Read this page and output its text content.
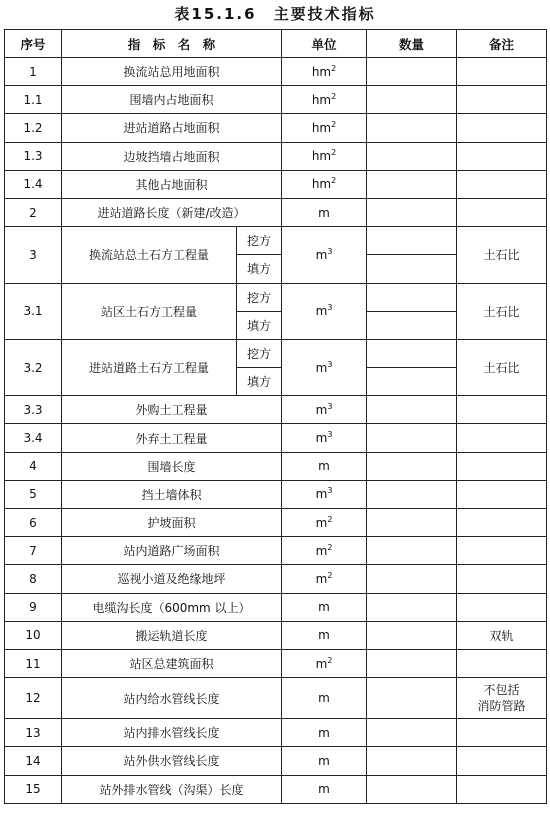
表15.1.6　主要技术指标
序号	指　标　名　称		单位	数量	备注
1	换流站总用地面积		$hm^2$		
1.1	围墙内占地面积		$hm^2$		
1.2	进站道路占地面积		$hm^2$		
1.3	边坡挡墙占地面积		$hm^2$		
1.4	其他占地面积		$hm^2$		
2	进站道路长度（新建/改造）		m		
3	换流站总土石方工程量	挖方	$m^3$		土石比
		填方			
3.1	站区土石方工程量	挖方	$m^3$		土石比
		填方			
3.2	进站道路土石方工程量	挖方	$m^3$		土石比
		填方			
3.3	外购土工程量		$m^3$		
3.4	外弃土工程量		$m^3$		
4	围墙长度		m		
5	挡土墙体积		$m^3$		
6	护坡面积		$m^2$		
7	站内道路广场面积		$m^2$		
8	巡视小道及绝缘地坪		$m^2$		
9	电缆沟长度（600mm 以上）		m		
10	搬运轨道长度		m		双轨
11	站区总建筑面积		$m^2$		
12	站内给水管线长度		m		不包括
消防管路

13	站内排水管线长度		m		
14	站外供水管线长度		m		
15	站外排水管线（沟渠）长度		m		
